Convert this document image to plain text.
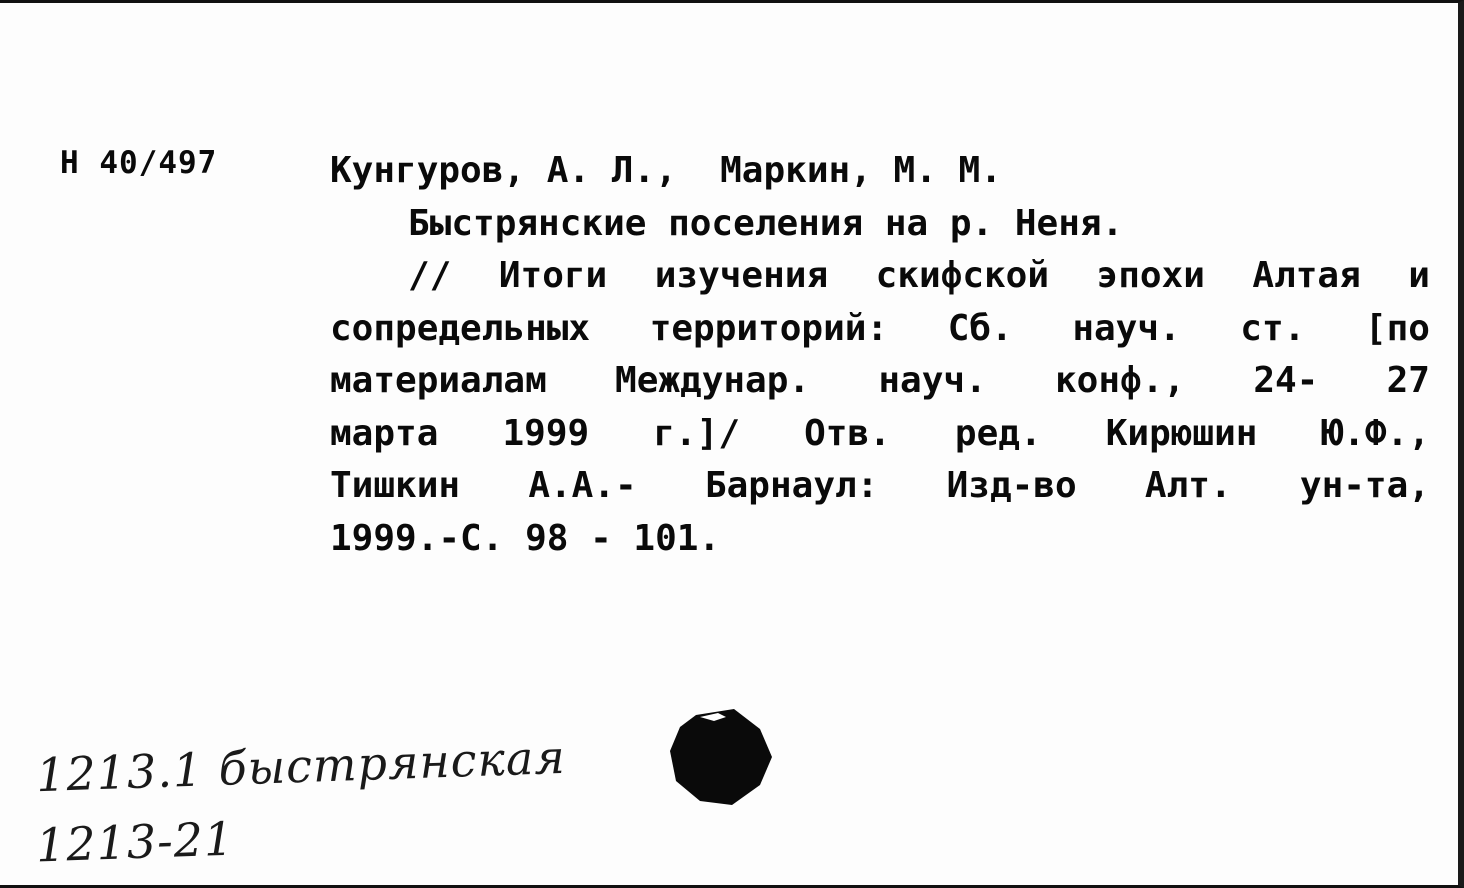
Н 40/497	Кунгуров, А. Л.,  Маркин, М. М.
Быстрянские поселения на р. Неня.
// Итоги изучения скифской эпохи Алтая и
сопредельных территорий: Сб. науч. ст. [по
материалам Междунар. науч. конф., 24- 27
марта 1999 г.]/ Отв. ред. Кирюшин Ю.Ф.,
Тишкин А.А.- Барнаул: Изд-во Алт. ун-та,
1999.-С. 98 - 101.
1213.1 быстрянская
1213-21
